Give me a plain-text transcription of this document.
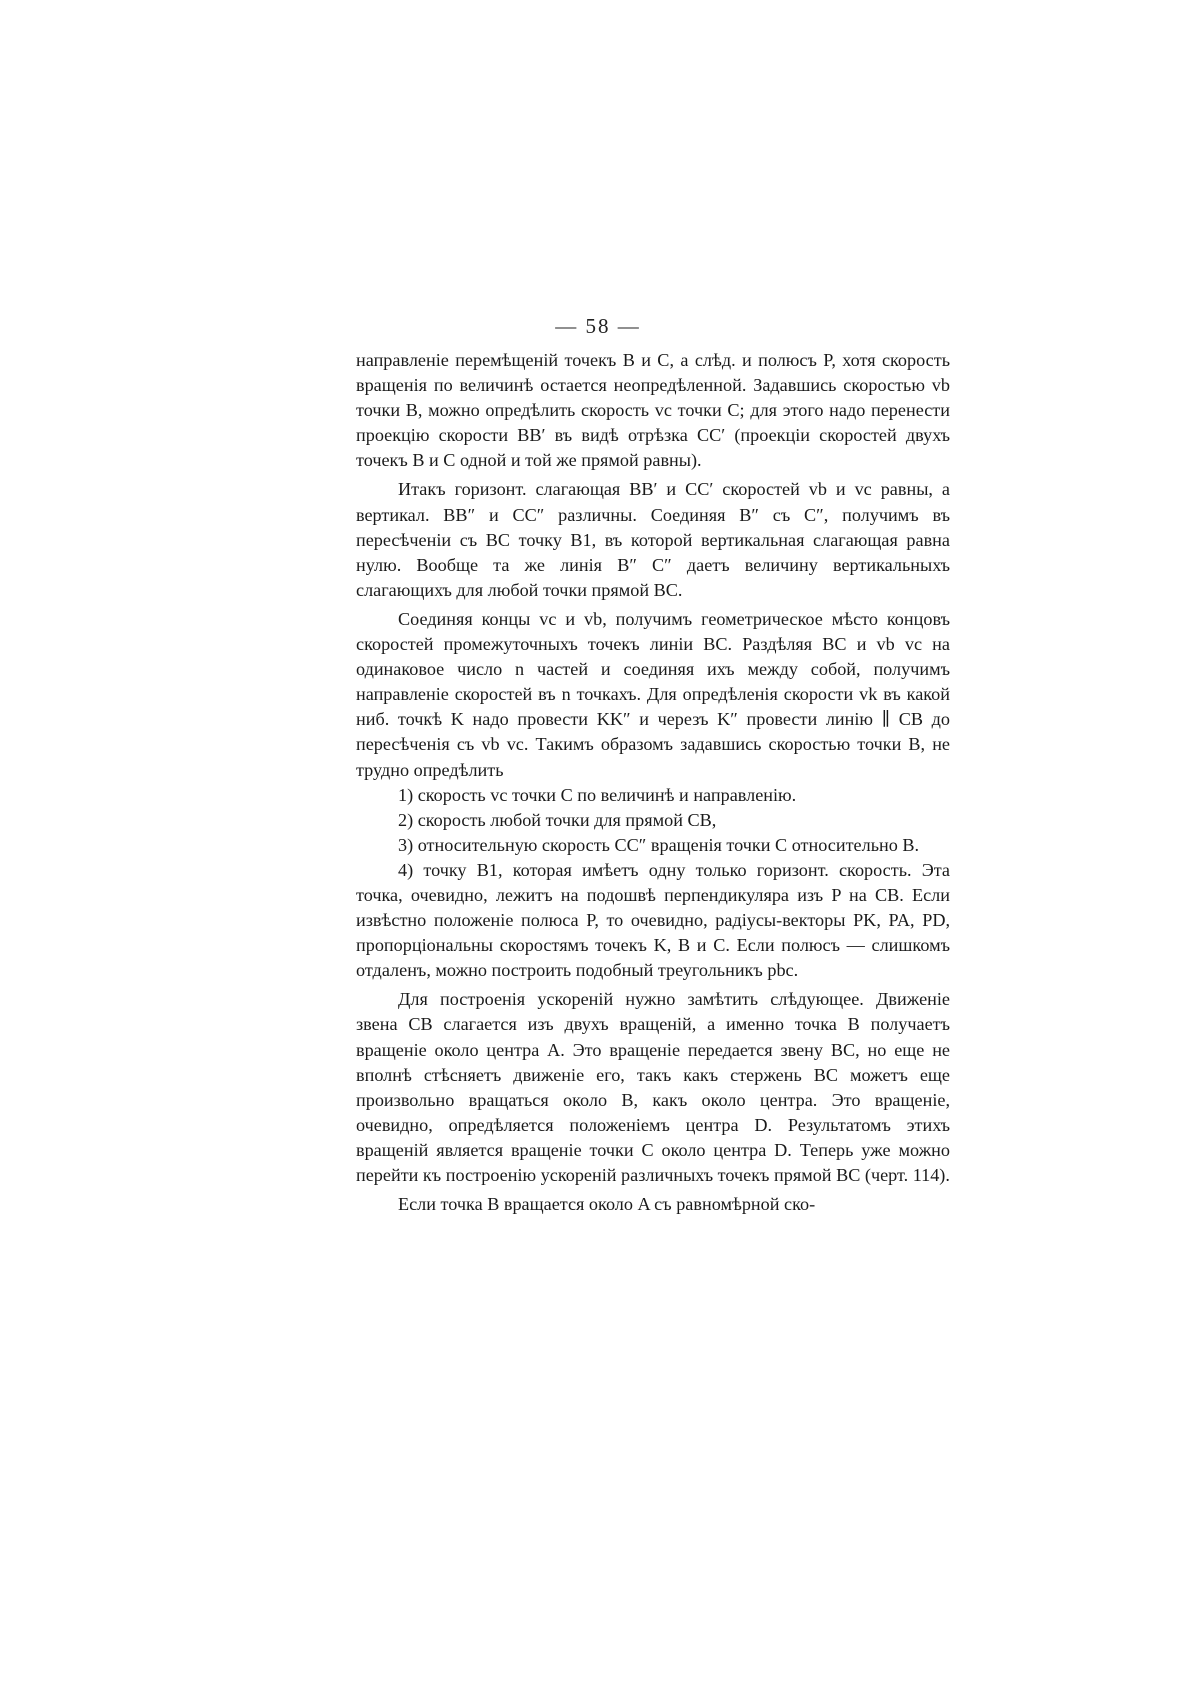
— 58 —

направленіе перемѣщеній точекъ B и C, а слѣд. и полюсъ P, хотя скорость вращенія по величинѣ остается неопредѣленной. Задавшись скоростью vb точки B, можно опредѣлить скорость vc точки C; для этого надо перенести проекцію скорости BB′ въ видѣ отрѣзка CC′ (проекціи скоростей двухъ точекъ B и C одной и той же прямой равны).

Итакъ горизонт. слагающая BB′ и CC′ скоростей vb и vc равны, а вертикал. BB″ и CC″ различны. Соединяя B″ съ C″, получимъ въ пересѣченіи съ BC точку B1, въ которой вертикальная слагающая равна нулю. Вообще та же линія B″ C″ даетъ величину вертикальныхъ слагающихъ для любой точки прямой BC.

Соединяя концы vc и vb, получимъ геометрическое мѣсто концовъ скоростей промежуточныхъ точекъ линіи BC. Раздѣляя BC и vb vc на одинаковое число n частей и соединяя ихъ между собой, получимъ направленіе скоростей въ n точкахъ. Для опредѣленія скорости vk въ какой ниб. точкѣ K надо провести KK″ и черезъ K″ провести линію ∥ CB до пересѣченія съ vb vc. Такимъ образомъ задавшись скоростью точки B, не трудно опредѣлить

1) скорость vc точки C по величинѣ и направленію.

2) скорость любой точки для прямой CB,

3) относительную скорость CC″ вращенія точки C относительно B.

4) точку B1, которая имѣетъ одну только горизонт. скорость. Эта точка, очевидно, лежитъ на подошвѣ перпендикуляра изъ P на CB. Если извѣстно положеніе полюса P, то очевидно, радіусы-векторы PK, PA, PD, пропорціональны скоростямъ точекъ K, B и C. Если полюсъ — слишкомъ отдаленъ, можно построить подобный треугольникъ pbc.

Для построенія ускореній нужно замѣтить слѣдующее. Движеніе звена CB слагается изъ двухъ вращеній, а именно точка B получаетъ вращеніе около центра A. Это вращеніе передается звену BC, но еще не вполнѣ стѣсняетъ движеніе его, такъ какъ стержень BC можетъ еще произвольно вращаться около B, какъ около центра. Это вращеніе, очевидно, опредѣляется положеніемъ центра D. Результатомъ этихъ вращеній является вращеніе точки C около центра D. Теперь уже можно перейти къ построенію ускореній различныхъ точекъ прямой BC (черт. 114).

Если точка B вращается около A съ равномѣрной ско-
